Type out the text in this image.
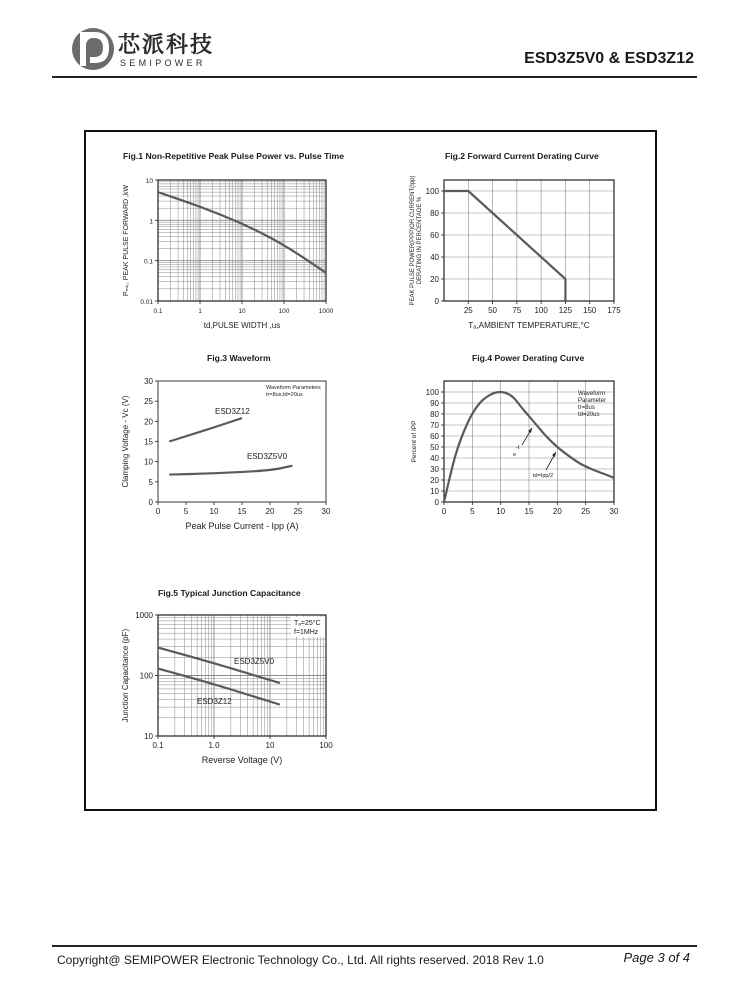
芯派科技
SEMIPOWER	ESD3Z5V0 & ESD3Z12
Fig.1 Non-Repetitive Peak Pulse Power vs. Pulse Time	Fig.2 Forward Current Derating Curve
Fig.3 Waveform	Fig.4 Power Derating Curve
Fig.5 Typical Junction Capacitance
0.1	1	10	100	1000
0.01
0.1
1
10
td,PULSE WIDTH ,us
Pₘₖ, PEAK PULSE FORWARD ,kW
25 50 75 100 125 150 175
0
20
40
60
80
100
Tₐ,AMBIENT TEMPERATURE,°C
PEAK PULSE POWER(PPP)OR CURRENT(Ipp) DERATING IN PERCENTAGE %
0	5	10 15 20 25 30
0
5
10
15
20
25
30
Peak Pulse Current - Ipp (A)
Clamping Voltage - Vc (V)	ESD3Z12
ESD3Z5V0
Waveform Parameters
tr=8us,td=20us
0	5	10 15 20 25 30
0
10
20
30
40
50
60
70
80
90
100
Percent of IPP
Waveform
Parameter
tr=8us
td=20us
-t
e
td=Ipp/2
0.1	1.0	10	100
10
100
1000
Reverse Voltage (V)
Junction Capacitance (pF)	ESD3Z5V0
ESD3Z12
Tₐ=25°C
f=1MHz
Copyright@ SEMIPOWER Electronic Technology Co., Ltd. All rights reserved. 2018 Rev 1.0	Page 3 of 4
